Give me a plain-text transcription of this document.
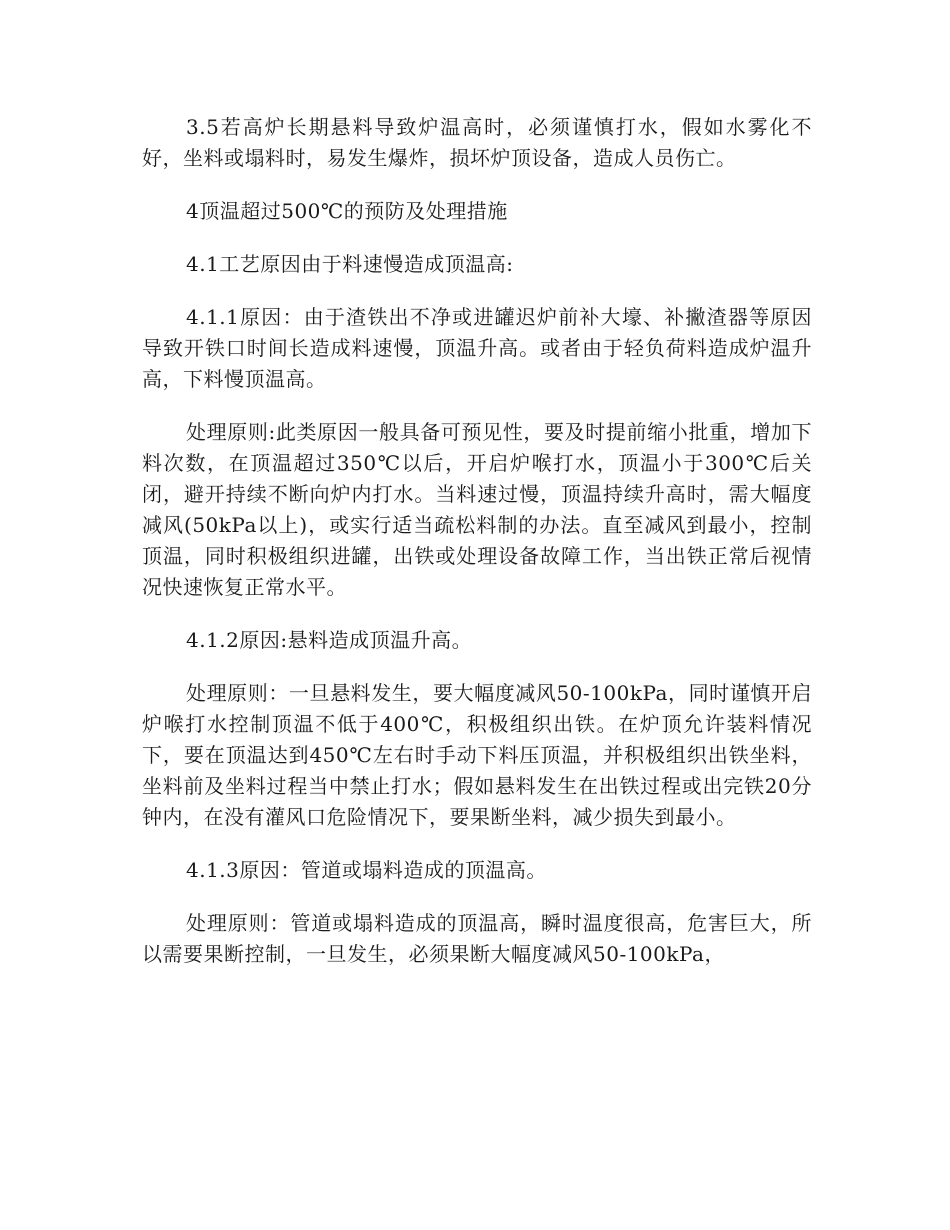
3.5若高炉长期悬料导致炉温高时，必须谨慎打水，假如水雾化不好，坐料或塌料时，易发生爆炸，损坏炉顶设备，造成人员伤亡。

4顶温超过500℃的预防及处理措施

4.1工艺原因由于料速慢造成顶温高:

4.1.1原因：由于渣铁出不净或进罐迟炉前补大壕、补撇渣器等原因导致开铁口时间长造成料速慢，顶温升高。或者由于轻负荷料造成炉温升高，下料慢顶温高。

处理原则:此类原因一般具备可预见性，要及时提前缩小批重，增加下料次数，在顶温超过350℃以后，开启炉喉打水，顶温小于300℃后关闭，避开持续不断向炉内打水。当料速过慢，顶温持续升高时，需大幅度减风(50kPa以上)，或实行适当疏松料制的办法。直至减风到最小，控制顶温，同时积极组织进罐，出铁或处理设备故障工作，当出铁正常后视情况快速恢复正常水平。

4.1.2原因:悬料造成顶温升高。

处理原则：一旦悬料发生，要大幅度减风50-100kPa，同时谨慎开启炉喉打水控制顶温不低于400℃，积极组织出铁。在炉顶允许装料情况下，要在顶温达到450℃左右时手动下料压顶温，并积极组织出铁坐料，坐料前及坐料过程当中禁止打水；假如悬料发生在出铁过程或出完铁20分钟内，在没有灌风口危险情况下，要果断坐料，减少损失到最小。

4.1.3原因：管道或塌料造成的顶温高。

处理原则：管道或塌料造成的顶温高，瞬时温度很高，危害巨大，所以需要果断控制，一旦发生，必须果断大幅度减风50-100kPa，
